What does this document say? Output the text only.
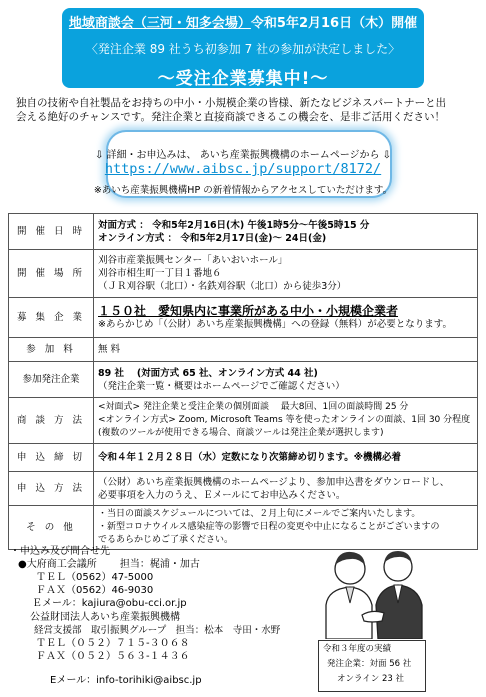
地域商談会（三河・知多会場）令和5年2月16日（木）開催
〈発注企業 89 社うち初参加 7 社の参加が決定しました〉
～受注企業募集中!～
独自の技術や自社製品をお持ちの中小・小規模企業の皆様、新たなビジネスパートナーと出
会える絶好のチャンスです。発注企業と直接商談できるこの機会を、是非ご活用ください！
⇩ 詳細・お申込みは、 あいち産業振興機構のホームページから ⇩
https://www.aibsc.jp/support/8172/
※あいち産業振興機構HP の新着情報からアクセスしていただけます。
開 催 日 時	対面方式 ： 令和5年2月16日(木) 午後1時5分～午後5時15 分
オンライン方式 ： 令和5年2月17日(金)～ 24日(金)

開 催 場 所	刈谷市産業振興センター「あいおいホール」
刈谷市相生町一丁目１番地６
（ＪＲ刈谷駅（北口）・名鉄刈谷駅（北口）から徒歩3分）

募 集 企 業	１５０社　愛知県内に事業所がある中小・小規模企業者
※あらかじめ「（公財）あいち産業振興機構」への登録（無料）が必要となります。

参 加 料	無 料
参加発注企業	89 社 　(対面方式 65 社、オンライン方式 44 社)
（発注企業一覧・概要はホームページでご確認ください）

商 談 方 法	<対面式> 発注企業と受注企業の個別面談　 最大8回、1回の面談時間 25 分
<オンライン方式> Zoom, Microsoft Teams 等を使ったオンラインの面談、1回 30 分程度
(複数のツールが使用できる場合、商談ツールは発注企業が選択します)

申 込 締 切	令和４年１２月２８日（水）定数になり次第締め切ります。※機構必着
申 込 方 法	（公財）あいち産業振興機構のホームページより、参加申込書をダウンロードし、
必要事項を入力のうえ、Ｅメールにてお申込みください。

そ の 他	・当日の面談スケジュールについては、２月上旬にメールでご案内いたします。
・新型コロナウイルス感染症等の影響で日程の変更や中止になることがございますの
でるあらかじめご了承ください。
・申込み及び問合せ先
●大府商工会議所　　 担当：梶浦・加古
ＴＥＬ（0562）47-5000
ＦＡＸ（0562）46-9030
Ｅメール：kajiura@obu-cci.or.jp
公益財団法人あいち産業振興機構
経営支援部　取引振興グループ　担当：松本　寺田・水野
ＴＥＬ（０５２）７１５-３０６８
ＦＡＸ（０５２）５６３-１４３６
Eメール：info-torihiki@aibsc.jp
令和３年度の実績
発注企業：対面 56 社
オンライン 23 社
